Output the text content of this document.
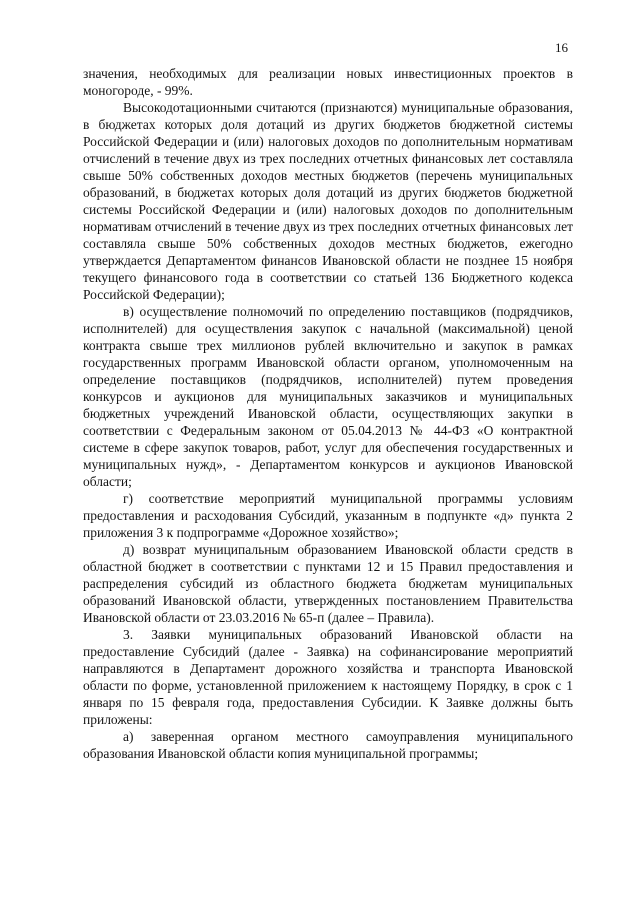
16

значения, необходимых для реализации новых инвестиционных проектов в моногороде, - 99%.

Высокодотационными считаются (признаются) муниципальные образования, в бюджетах которых доля дотаций из других бюджетов бюджетной системы Российской Федерации и (или) налоговых доходов по дополнительным нормативам отчислений в течение двух из трех последних отчетных финансовых лет составляла свыше 50% собственных доходов местных бюджетов (перечень муниципальных образований, в бюджетах которых доля дотаций из других бюджетов бюджетной системы Российской Федерации и (или) налоговых доходов по дополнительным нормативам отчислений в течение двух из трех последних отчетных финансовых лет составляла свыше 50% собственных доходов местных бюджетов, ежегодно утверждается Департаментом финансов Ивановской области не позднее 15 ноября текущего финансового года в соответствии со статьей 136 Бюджетного кодекса Российской Федерации);

в) осуществление полномочий по определению поставщиков (подрядчиков, исполнителей) для осуществления закупок с начальной (максимальной) ценой контракта свыше трех миллионов рублей включительно и закупок в рамках государственных программ Ивановской области органом, уполномоченным на определение поставщиков (подрядчиков, исполнителей) путем проведения конкурсов и аукционов для муниципальных заказчиков и муниципальных бюджетных учреждений Ивановской области, осуществляющих закупки в соответствии с Федеральным законом от 05.04.2013 № 44-ФЗ «О контрактной системе в сфере закупок товаров, работ, услуг для обеспечения государственных и муниципальных нужд», - Департаментом конкурсов и аукционов Ивановской области;

г) соответствие мероприятий муниципальной программы условиям предоставления и расходования Субсидий, указанным в подпункте «д» пункта 2 приложения 3 к подпрограмме «Дорожное хозяйство»;

д) возврат муниципальным образованием Ивановской области средств в областной бюджет в соответствии с пунктами 12 и 15 Правил предоставления и распределения субсидий из областного бюджета бюджетам муниципальных образований Ивановской области, утвержденных постановлением Правительства Ивановской области от 23.03.2016 № 65-п (далее – Правила).

3. Заявки муниципальных образований Ивановской области на предоставление Субсидий (далее - Заявка) на софинансирование мероприятий направляются в Департамент дорожного хозяйства и транспорта Ивановской области по форме, установленной приложением к настоящему Порядку, в срок с 1 января по 15 февраля года, предоставления Субсидии. К Заявке должны быть приложены:

а) заверенная органом местного самоуправления муниципального образования Ивановской области копия муниципальной программы;
